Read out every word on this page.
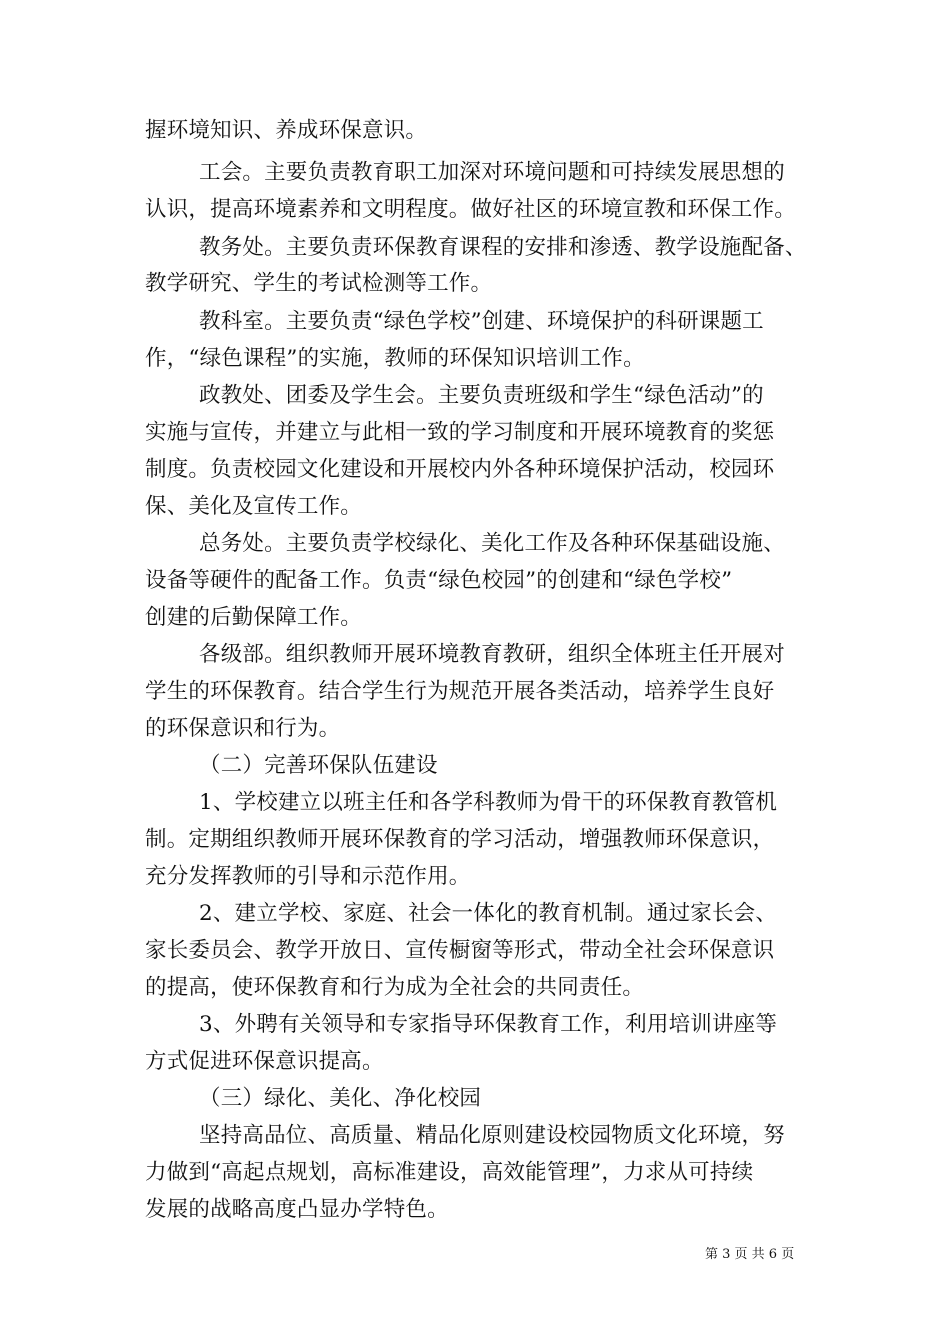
握环境知识、养成环保意识。
工会。主要负责教育职工加深对环境问题和可持续发展思想的
认识，提高环境素养和文明程度。做好社区的环境宣教和环保工作。
教务处。主要负责环保教育课程的安排和渗透、教学设施配备、
教学研究、学生的考试检测等工作。
教科室。主要负责“绿色学校”创建、环境保护的科研课题工
作，“绿色课程”的实施，教师的环保知识培训工作。
政教处、团委及学生会。主要负责班级和学生“绿色活动”的
实施与宣传，并建立与此相一致的学习制度和开展环境教育的奖惩
制度。负责校园文化建设和开展校内外各种环境保护活动，校园环
保、美化及宣传工作。
总务处。主要负责学校绿化、美化工作及各种环保基础设施、
设备等硬件的配备工作。负责“绿色校园”的创建和“绿色学校”
创建的后勤保障工作。
各级部。组织教师开展环境教育教研，组织全体班主任开展对
学生的环保教育。结合学生行为规范开展各类活动，培养学生良好
的环保意识和行为。
（二）完善环保队伍建设
1、学校建立以班主任和各学科教师为骨干的环保教育教管机
制。定期组织教师开展环保教育的学习活动，增强教师环保意识，
充分发挥教师的引导和示范作用。
2、建立学校、家庭、社会一体化的教育机制。通过家长会、
家长委员会、教学开放日、宣传橱窗等形式，带动全社会环保意识
的提高，使环保教育和行为成为全社会的共同责任。
3、外聘有关领导和专家指导环保教育工作，利用培训讲座等
方式促进环保意识提高。
（三）绿化、美化、净化校园
坚持高品位、高质量、精品化原则建设校园物质文化环境，努
力做到“高起点规划，高标准建设，高效能管理”，力求从可持续
发展的战略高度凸显办学特色。
第 3 页 共 6 页
